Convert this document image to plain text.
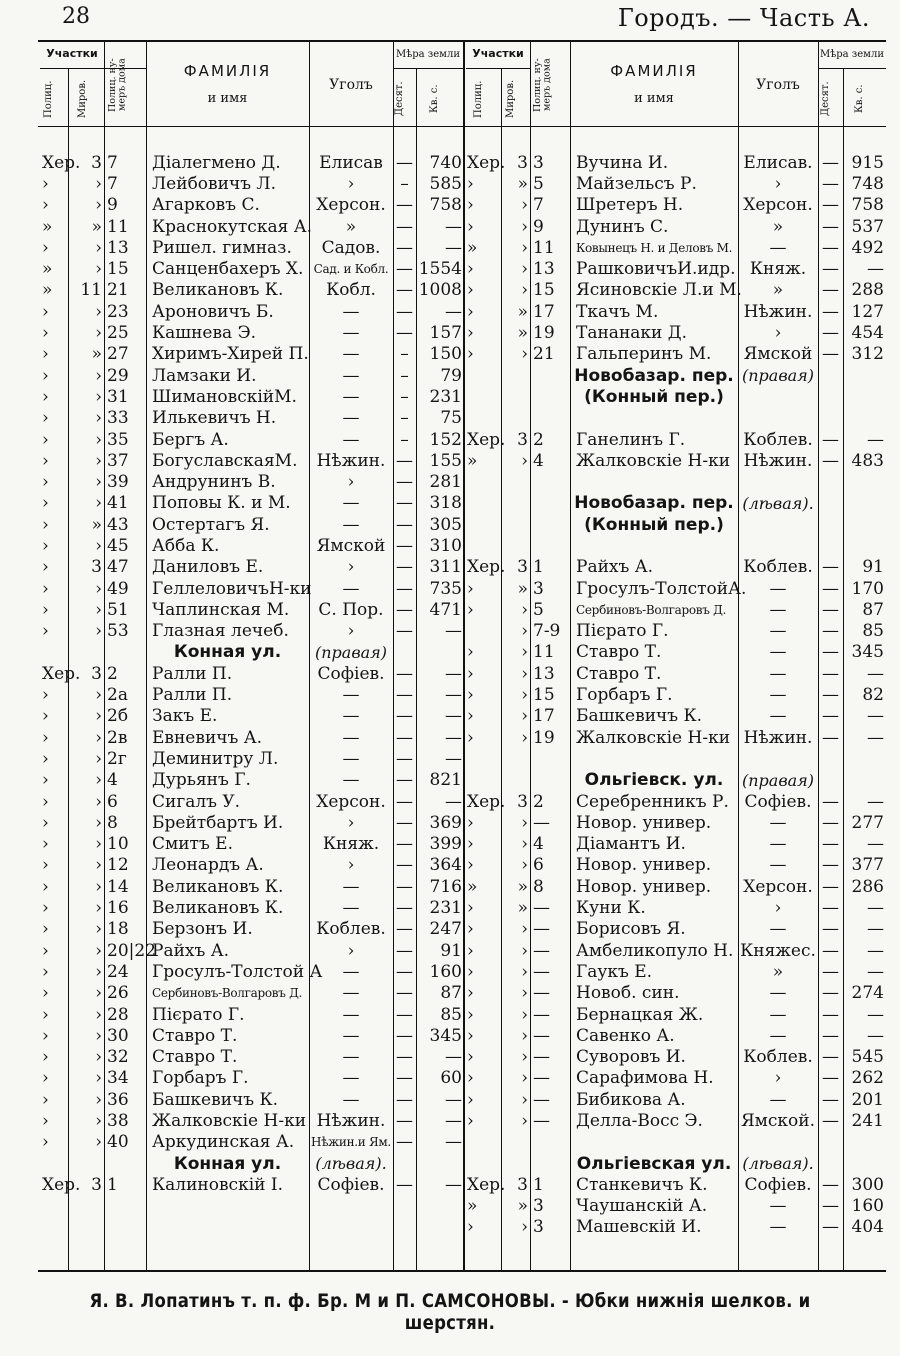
28	Городъ. — Часть А.
Участки
Полиц.	Миров.	Полиц. ну- меръ дома	ФАМИЛІЯ
и имя
Уголъ
Мѣра земли
Десят.	Кв. с.
Участки
Полиц.	Миров.	Полиц. ну- меръ дома	ФАМИЛІЯ
и имя
Уголъ
Мѣра земли
Десят.	Кв. с.
Хер.	3	7	Діалегмено Д.	Елисав	—	740
›	›	7	Лейбовичъ Л.	›	–	585
›	›	9	Агарковъ С.	Херсон.	—	758
»	»	11	Краснокутская А.	»	—	—
›	›	13	Ришел. гимназ.	Садов.	—	—
»	›	15	Санценбахеръ Х.	Сад. и Кобл.	—	1554
»	11	21	Великановъ К.	Кобл.	—	1008
›	›	23	Ароновичъ Б.	—	—	—
›	›	25	Кашнева Э.	—	—	157
›	»	27	Хиримъ-Хирей П.	—	–	150
›	›	29	Ламзаки И.	—	–	79
›	›	31	ШимановскійМ.	—	–	231
›	›	33	Илькевичъ Н.	—	–	75
›	›	35	Бергъ А.	—	–	152
›	›	37	БогуславскаяМ.	Нѣжин.	—	155
›	›	39	Андрунинъ В.	›	—	281
›	›	41	Поповы К. и М.	—	—	318
›	»	43	Остертагъ Я.	—	—	305
›	›	45	Абба К.	Ямской	—	310
›	3	47	Даниловъ Е.	›	—	311
›	›	49	ГеллеловичъН-ки	—	—	735
›	›	51	Чаплинская М.	С. Пор.	—	471
›	›	53	Глазная лечеб.	›	—	—
			Конная ул.	(правая)		
Хер.	3	2	Ралли П.	Софіев.	—	—
›	›	2а	Ралли П.	—	—	—
›	›	2б	Закъ Е.	—	—	—
›	›	2в	Евневичъ А.	—	—	—
›	›	2г	Деминитру Л.	—	—	—
›	›	4	Дурьянъ Г.	—	—	821
›	›	6	Сигалъ У.	Херсон.	—	—
›	›	8	Брейтбартъ И.	›	—	369
›	›	10	Смитъ Е.	Княж.	—	399
›	›	12	Леонардъ А.	›	—	364
›	›	14	Великановъ К.	—	—	716
›	›	16	Великановъ К.	—	—	231
›	›	18	Берзонъ И.	Коблев.	—	247
›	›	20|22	Райхъ А.	›	—	91
›	›	24	Гросулъ-Толстой А	—	—	160
›	›	26	Сербиновъ-Волгаровъ Д.	—	—	87
›	›	28	Пієрато Г.	—	—	85
›	›	30	Ставро Т.	—	—	345
›	›	32	Ставро Т.	—	—	—
›	›	34	Горбаръ Г.	—	—	60
›	›	36	Башкевичъ К.	—	—	—
›	›	38	Жалковскіе Н-ки	Нѣжин.	—	—
›	›	40	Аркудинская А.	Нѣжин.и Ям.	—	—
			Конная ул.	(лѣвая).		
Хер.	3	1	Калиновскій І.	Софіев.	—	—
Хер.	3	3	Вучина И.	Елисав.	—	915
›	»	5	Майзельсъ Р.	›	—	748
›	›	7	Шретеръ Н.	Херсон.	—	758
›	›	9	Дунинъ С.	»	—	537
»	›	11	Ковынецъ Н. и Деловъ М.	—	—	492
›	›	13	РашковичъИ.идр.	Княж.	—	—
›	›	15	Ясиновскіе Л.и М.	»	—	288
›	»	17	Ткачъ М.	Нѣжин.	—	127
›	»	19	Тананаки Д.	›	—	454
›	›	21	Гальперинъ М.	Ямской	—	312
			Новобазар. пер.	(правая)		
			(Конный пер.)			

Хер.	3	2	Ганелинъ Г.	Коблев.	—	—
»	›	4	Жалковскіе Н-ки	Нѣжин.	—	483

			Новобазар. пер.	(лѣвая).		
			(Конный пер.)			

Хер.	3	1	Райхъ А.	Коблев.	—	91
›	»	3	Гросулъ-ТолстойА.	—	—	170
›	›	5	Сербиновъ-Волгаровъ Д.	—	—	87
	›	7-9	Пієрато Г.	—	—	85
›	›	11	Ставро Т.	—	—	345
›	›	13	Ставро Т.	—	—	—
›	›	15	Горбаръ Г.	—	—	82
›	›	17	Башкевичъ К.	—	—	—
›	›	19	Жалковскіе Н-ки	Нѣжин.	—	—

			Ольгіевск. ул.	(правая)		
Хер.	3	2	Серебренникъ Р.	Софіев.	—	—
›	›	—	Новор. универ.	—	—	277
›	›	4	Діамантъ И.	—	—	—
›	›	6	Новор. универ.	—	—	377
»	»	8	Новор. универ.	Херсон.	—	286
›	»	—	Куни К.	›	—	—
›	›	—	Борисовъ Я.	—	—	—
›	›	—	Амбеликопуло Н.	Княжес.	—	—
›	›	—	Гаукъ Е.	»	—	—
›	›	—	Новоб. син.	—	—	274
›	›	—	Бернацкая Ж.	—	—	—
›	›	—	Савенко А.	—	—	—
›	›	—	Суворовъ И.	Коблев.	—	545
›	›	—	Сарафимова Н.	›	—	262
›	›	—	Бибикова А.	—	—	201
›	›	—	Делла-Восс Э.	Ямской.	—	241

			Ольгіевская ул.	(лѣвая).		
Хер.	3	1	Станкевичъ К.	Софіев.	—	300
»	»	3	Чаушанскій А.	—	—	160
›	›	3	Машевскій И.	—	—	404
Я. В. Лопатинъ т. п. ф. Бр. М и П. САМСОНОВЫ. - Юбки нижнія шелков. и шерстян.
